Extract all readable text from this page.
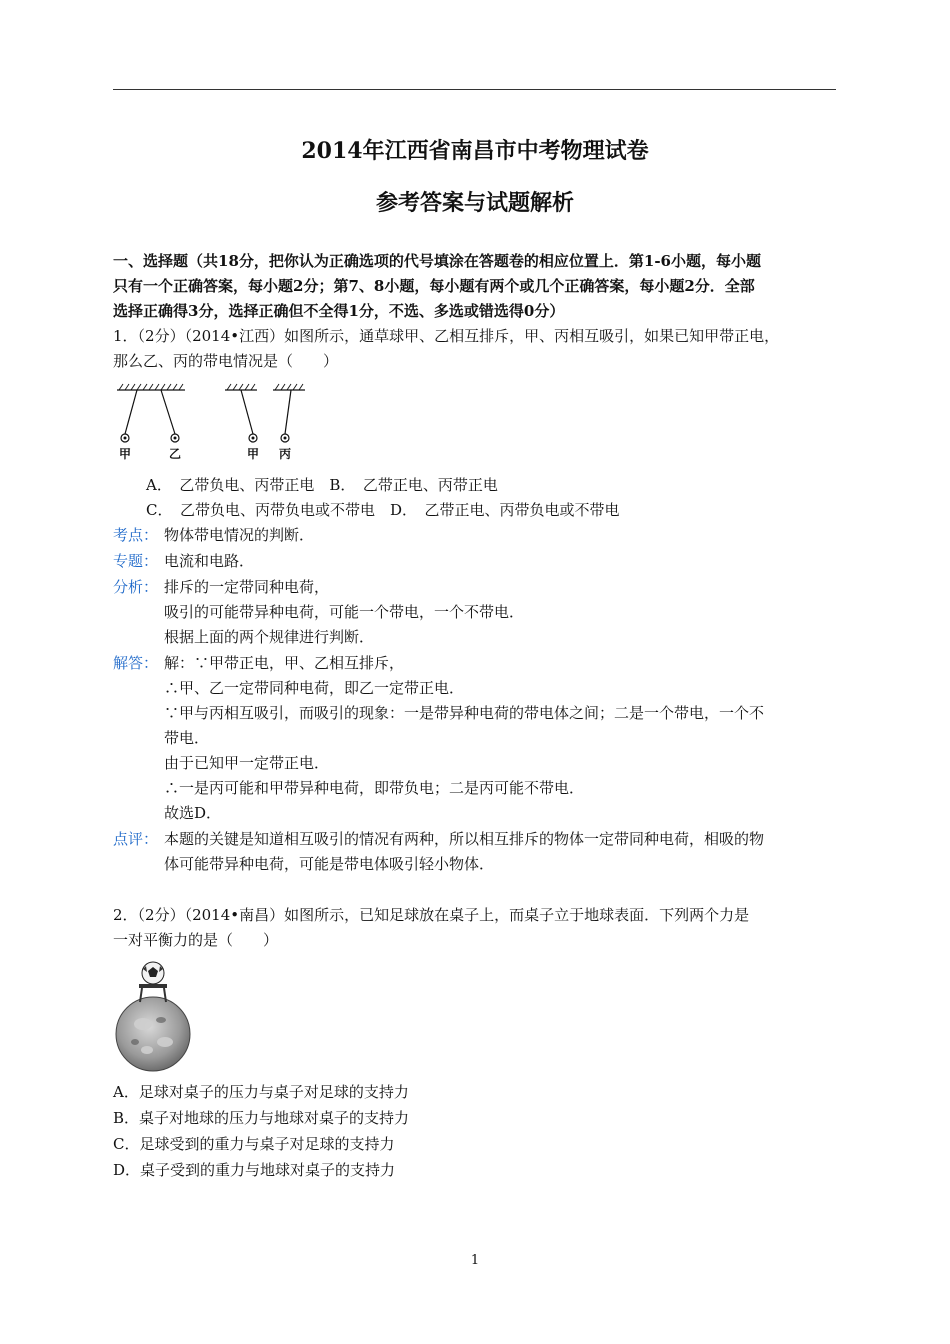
2014年江西省南昌市中考物理试卷
参考答案与试题解析
一、选择题（共18分，把你认为正确选项的代号填涂在答题卷的相应位置上．第1-6小题，每小题
只有一个正确答案，每小题2分；第7、8小题，每小题有两个或几个正确答案，每小题2分．全部
选择正确得3分，选择正确但不全得1分，不选、多选或错选得0分）
1．（2分）（2014•江西）如图所示，通草球甲、乙相互排斥，甲、丙相互吸引，如果已知甲带正电，
那么乙、丙的带电情况是（　　）
甲	乙	甲 丙
A．　乙带负电、丙带正电　B．　乙带正电、丙带正电
C．　乙带负电、丙带负电或不带电　D．　乙带正电、丙带负电或不带电
考点： 物体带电情况的判断．
专题： 电流和电路．
分析： 排斥的一定带同种电荷，
吸引的可能带异种电荷，可能一个带电，一个不带电．
根据上面的两个规律进行判断．
解答： 解：∵甲带正电，甲、乙相互排斥，
∴甲、乙一定带同种电荷，即乙一定带正电．
∵甲与丙相互吸引，而吸引的现象：一是带异种电荷的带电体之间；二是一个带电，一个不
带电．
由于已知甲一定带正电．
∴一是丙可能和甲带异种电荷，即带负电；二是丙可能不带电．
故选D．
点评： 本题的关键是知道相互吸引的情况有两种，所以相互排斥的物体一定带同种电荷，相吸的物
体可能带异种电荷，可能是带电体吸引轻小物体．
2．（2分）（2014•南昌）如图所示，已知足球放在桌子上，而桌子立于地球表面．下列两个力是
一对平衡力的是（　　）
A．足球对桌子的压力与桌子对足球的支持力
B．桌子对地球的压力与地球对桌子的支持力
C．足球受到的重力与桌子对足球的支持力
D．桌子受到的重力与地球对桌子的支持力
1
